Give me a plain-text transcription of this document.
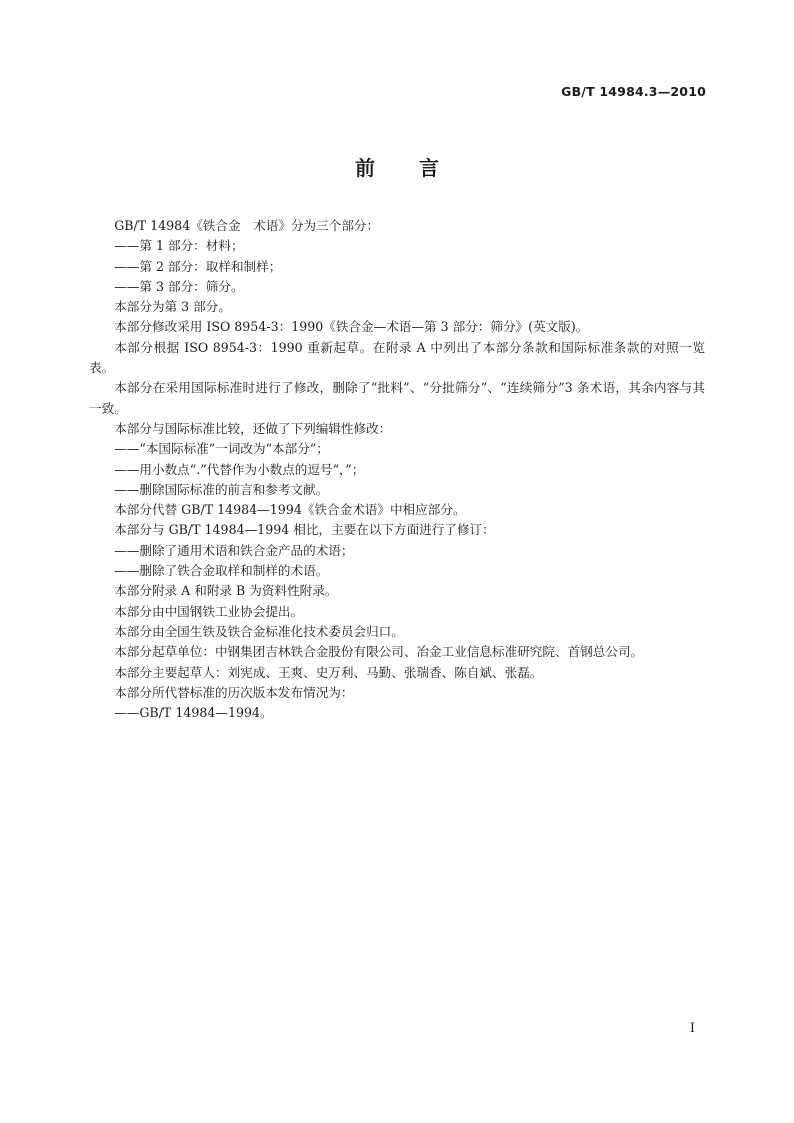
GB/T 14984.3—2010
前言

GB/T 14984《铁合金　术语》分为三个部分：

——第 1 部分：材料；

——第 2 部分：取样和制样；

——第 3 部分：筛分。

本部分为第 3 部分。

本部分修改采用 ISO 8954-3：1990《铁合金—术语—第 3 部分：筛分》(英文版)。

本部分根据 ISO 8954-3：1990 重新起草。在附录 A 中列出了本部分条款和国际标准条款的对照一览表。

本部分在采用国际标准时进行了修改，删除了“批料”、“分批筛分”、“连续筛分”3 条术语，其余内容与其一致。

本部分与国际标准比较，还做了下列编辑性修改：

——“本国际标准”一词改为“本部分”；

——用小数点“.”代替作为小数点的逗号“，”；

——删除国际标准的前言和参考文献。

本部分代替 GB/T 14984—1994《铁合金术语》中相应部分。

本部分与 GB/T 14984—1994 相比，主要在以下方面进行了修订：

——删除了通用术语和铁合金产品的术语；

——删除了铁合金取样和制样的术语。

本部分附录 A 和附录 B 为资料性附录。

本部分由中国钢铁工业协会提出。

本部分由全国生铁及铁合金标准化技术委员会归口。

本部分起草单位：中钢集团吉林铁合金股份有限公司、冶金工业信息标准研究院、首钢总公司。

本部分主要起草人：刘宪成、王爽、史万利、马勤、张瑞香、陈自斌、张磊。

本部分所代替标准的历次版本发布情况为：

——GB/T 14984—1994。

I
